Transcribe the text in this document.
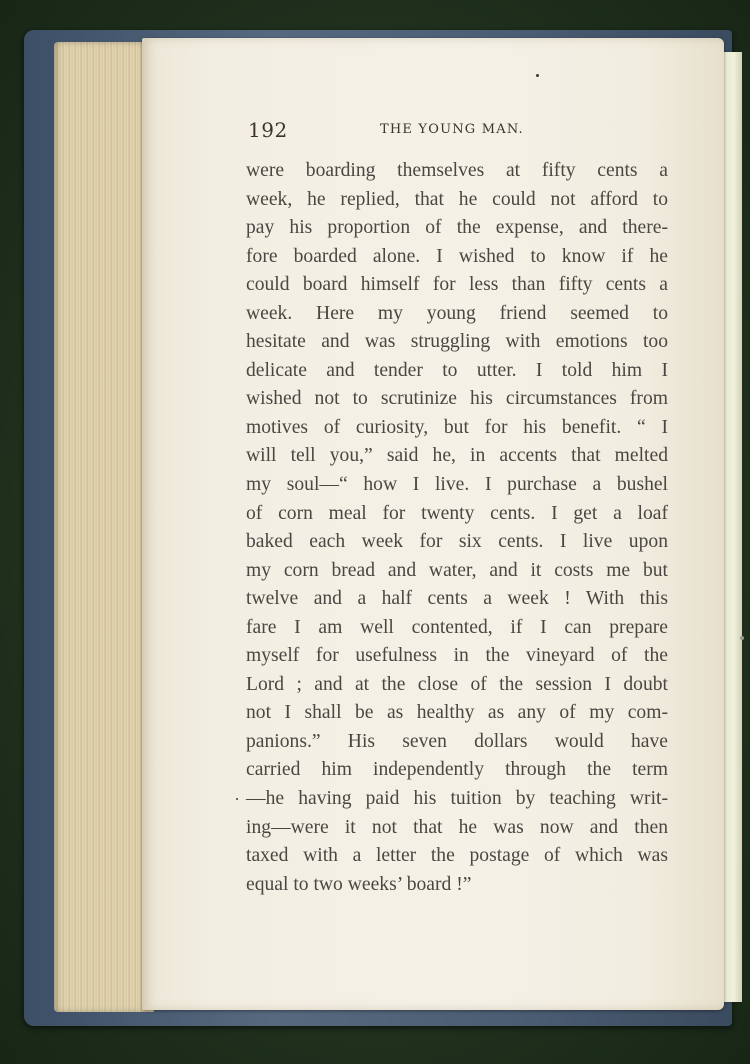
192	THE YOUNG MAN.
were boarding themselves at fifty cents a
week, he replied, that he could not afford to
pay his proportion of the expense, and there-
fore boarded alone. I wished to know if he
could board himself for less than fifty cents a
week. Here my young friend seemed to
hesitate and was struggling with emotions too
delicate and tender to utter. I told him I
wished not to scrutinize his circumstances from
motives of curiosity, but for his benefit. “ I
will tell you,” said he, in accents that melted
my soul—“ how I live. I purchase a bushel
of corn meal for twenty cents. I get a loaf
baked each week for six cents. I live upon
my corn bread and water, and it costs me but
twelve and a half cents a week ! With this
fare I am well contented, if I can prepare
myself for usefulness in the vineyard of the
Lord ; and at the close of the session I doubt
not I shall be as healthy as any of my com-
panions.” His seven dollars would have
carried him independently through the term
—he having paid his tuition by teaching writ-
ing—were it not that he was now and then
taxed with a letter the postage of which was
equal to two weeks’ board !”
